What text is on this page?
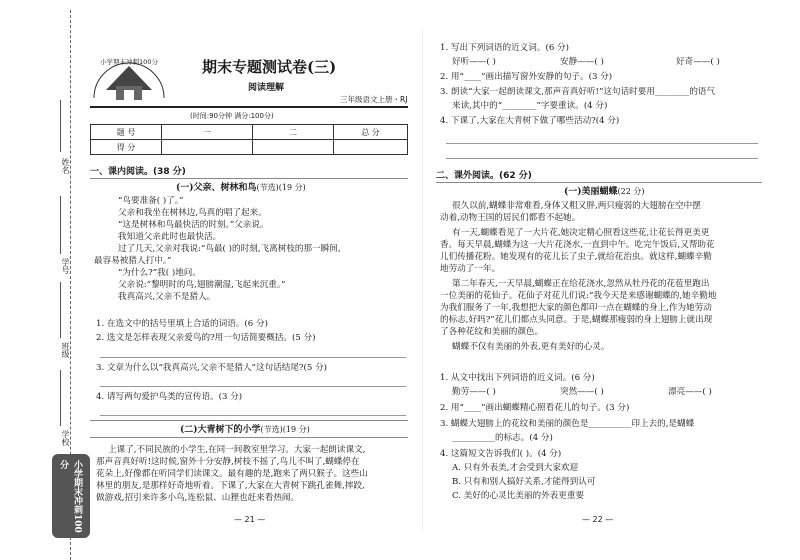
姓名
学号
班级
学校
小学期末冲刺100分
小学期末冲刺100分	期末专题测试卷(三)
阅读理解
三年级语文上册・RJ
(时间:90分钟 满分:100分)
题 号	一	二	总 分
得 分			
一、课内阅读。(38 分)
(一)父亲、树林和鸟(节选)(19 分)
“鸟要准备( )了。”
父亲和我坐在树林边,鸟真的唱了起来。
“这是树林和鸟最快活的时刻。”父亲说。
我知道父亲此时也最快活。
过了几天,父亲对我说:“鸟最( )的时刻,飞离树枝的那一瞬间,
最容易被猎人打中。”
“为什么?”我( )地问。
父亲说:“黎明时的鸟,翅膀潮湿,飞起来沉重。”
我真高兴,父亲不是猎人。
1. 在选文中的括号里填上合适的词语。(6 分)
2. 选文是怎样表现父亲爱鸟的?用一句话简要概括。(5 分)
3. 文章为什么以“我真高兴,父亲不是猎人”这句话结尾?(5 分)
4. 请写两句爱护鸟类的宣传语。(3 分)
(二)大青树下的小学(节选)(19 分)
上课了,不同民族的小学生,在同一间教室里学习。大家一起朗读课文,
那声音真好听!这时候,窗外十分安静,树枝不摇了,鸟儿不叫了,蝴蝶停在
花朵上,好像都在听同学们读课文。最有趣的是,跑来了两只猴子。这些山
林里的朋友,是那样好奇地听着。下课了,大家在大青树下跳孔雀舞,摔跤,
做游戏,招引来许多小鸟,连松鼠、山狸也赶来看热闹。
— 21 —
1. 写出下列词语的近义词。(6 分)
好听——( )	安静——( )	好奇——( )
2. 用“____”画出描写窗外安静的句子。(3 分)
3. 朗读“大家一起朗读课文,那声音真好听!”这句话时要用________的语气
来读,其中的“________”字要重读。(4 分)
4. 下课了,大家在大青树下做了哪些活动?(4 分)
二、课外阅读。(62 分)
(一)美丽蝴蝶(22 分)
很久以前,蝴蝶非常难看,身体又粗又胖,两只瘦弱的大翅膀在空中摆
动着,动物王国的居民们都看不起她。
有一天,蝴蝶看见了一大片花,她决定精心照看这些花,让花长得更美更
香。每天早晨,蝴蝶为这一大片花浇水,一直到中午。吃完午饭后,又帮助花
儿们传播花粉。她发现有的花儿长了虫子,就给花治虫。就这样,蝴蝶辛勤
地劳动了一年。
第二年春天,一天早晨,蝴蝶正在给花浇水,忽然从牡丹花的花苞里跑出
一位美丽的花仙子。花仙子对花儿们说:“我今天是来感谢蝴蝶的,她辛勤地
为我们服务了一年,我想把大家的颜色都印一点在蝴蝶的身上,作为她劳动
的标志,好吗?”花儿们都点头同意。于是,蝴蝶那瘦弱的身上翅膀上就出现
了各种花纹和美丽的颜色。
蝴蝶不仅有美丽的外表,更有美好的心灵。
1. 从文中找出下列词语的近义词。(6 分)
勤劳——( )	突然——( )	漂亮——( )
2. 用“____”画出蝴蝶精心照看花儿的句子。(3 分)
3. 蝴蝶大翅膀上的花纹和美丽的颜色是__________印上去的,是蝴蝶
__________的标志。(4 分)
4. 这篇短文告诉我们( )。(4 分)
A. 只有外表美,才会受到大家欢迎
B. 只有和别人搞好关系,才能得到认可
C. 美好的心灵比美丽的外表更重要
— 22 —
